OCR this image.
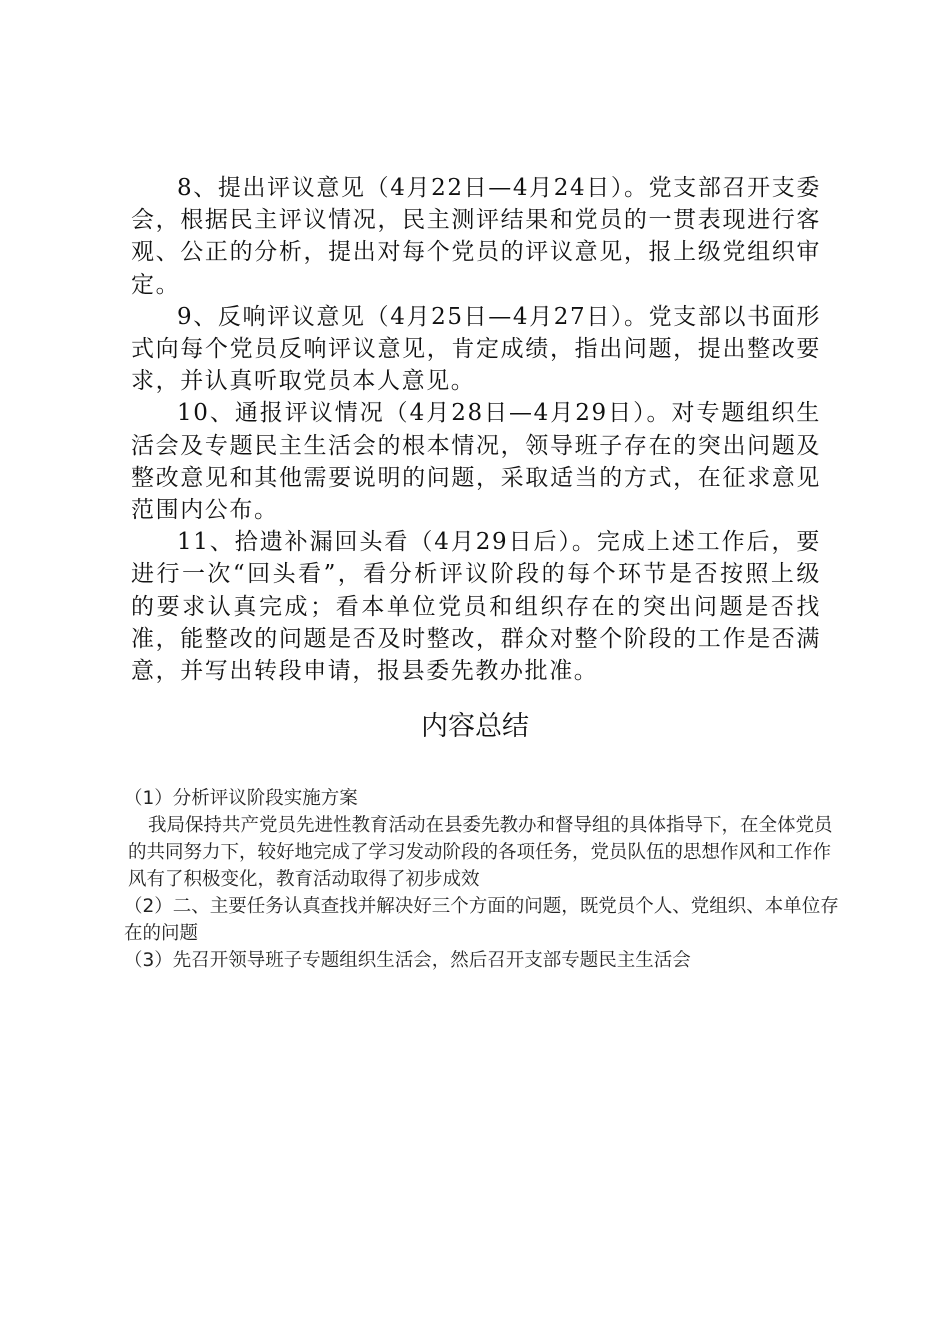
8、提出评议意见（4月22日—4月24日）。党支部召开支委会，根据民主评议情况，民主测评结果和党员的一贯表现进行客观、公正的分析，提出对每个党员的评议意见，报上级党组织审定。

9、反响评议意见（4月25日—4月27日）。党支部以书面形式向每个党员反响评议意见，肯定成绩，指出问题，提出整改要求，并认真听取党员本人意见。

10、通报评议情况（4月28日—4月29日）。对专题组织生活会及专题民主生活会的根本情况，领导班子存在的突出问题及整改意见和其他需要说明的问题，采取适当的方式，在征求意见范围内公布。

11、拾遗补漏回头看（4月29日后）。完成上述工作后，要进行一次“回头看”，看分析评议阶段的每个环节是否按照上级的要求认真完成；看本单位党员和组织存在的突出问题是否找准，能整改的问题是否及时整改，群众对整个阶段的工作是否满意，并写出转段申请，报县委先教办批准。

内容总结

（1）分析评议阶段实施方案

我局保持共产党员先进性教育活动在县委先教办和督导组的具体指导下，在全体党员的共同努力下，较好地完成了学习发动阶段的各项任务，党员队伍的思想作风和工作作风有了积极变化，教育活动取得了初步成效

（2）二、主要任务认真查找并解决好三个方面的问题，既党员个人、党组织、本单位存在的问题

（3）先召开领导班子专题组织生活会，然后召开支部专题民主生活会
